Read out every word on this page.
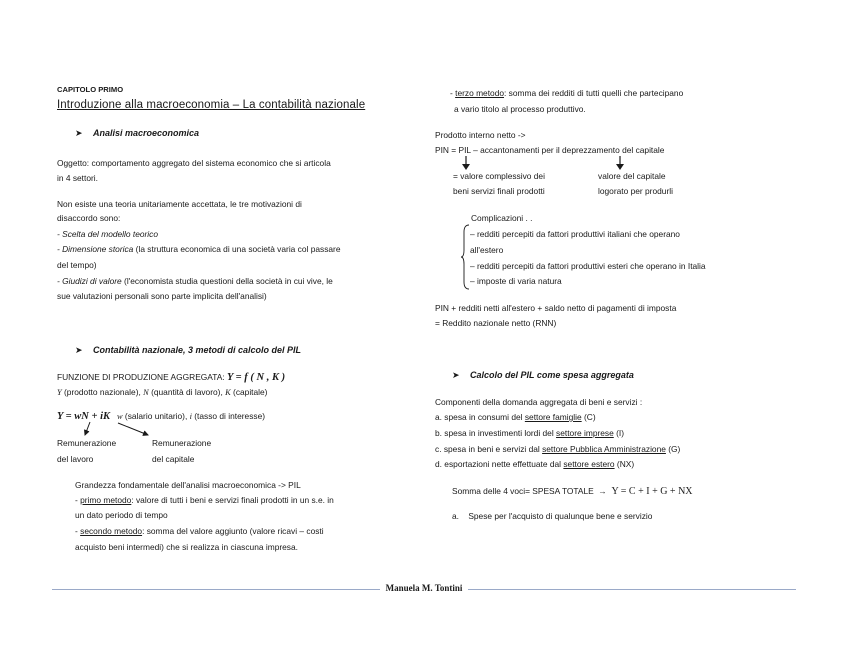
CAPITOLO PRIMO
Introduzione alla macroeconomia – La contabilità nazionale
➤ Analisi macroeconomica
Oggetto: comportamento aggregato del sistema economico che si articola
in 4 settori.
Non esiste una teoria unitariamente accettata, le tre motivazioni di
disaccordo sono:
- Scelta del modello teorico
- Dimensione storica (la struttura economica di una società varia col passare
del tempo)
- Giudizi di valore (l'economista studia questioni della società in cui vive, le
sue valutazioni personali sono parte implicita dell'analisi)
➤ Contabilità nazionale, 3 metodi di calcolo del PIL
FUNZIONE DI PRODUZIONE AGGREGATA: Y = f ( N , K )
Y (prodotto nazionale), N (quantità di lavoro), K (capitale)
Y = wN + iK w (salario unitario), i (tasso di interesse)
Remunerazione
del lavoro
Remunerazione
del capitale
Grandezza fondamentale dell'analisi macroeconomica -> PIL
- primo metodo: valore di tutti i beni e servizi finali prodotti in un s.e. in
un dato periodo di tempo
- secondo metodo: somma del valore aggiunto (valore ricavi – costi
acquisto beni intermedi) che si realizza in ciascuna impresa.
- terzo metodo: somma dei redditi di tutti quelli che partecipano
a vario titolo al processo produttivo.
Prodotto interno netto ->
PIN = PIL – accantonamenti per il deprezzamento del capitale
= valore complessivo dei
beni servizi finali prodotti
valore del capitale
logorato per produrli
Complicazioni . .
– redditi percepiti da fattori produttivi italiani che operano
all'estero
– redditi percepiti da fattori produttivi esteri che operano in Italia
– imposte di varia natura
PIN + redditi netti all'estero + saldo netto di pagamenti di imposta
= Reddito nazionale netto (RNN)
➤ Calcolo del PIL come spesa aggregata
Componenti della domanda aggregata di beni e servizi :
a. spesa in consumi del settore famiglie (C)
b. spesa in investimenti lordi del settore imprese (I)
c. spesa in beni e servizi dal settore Pubblica Amministrazione (G)
d. esportazioni nette effettuate dal settore estero (NX)
Somma delle 4 voci= SPESA TOTALE → Y = C + I + G + NX
a. Spese per l'acquisto di qualunque bene e servizio
Manuela M. Tontini
